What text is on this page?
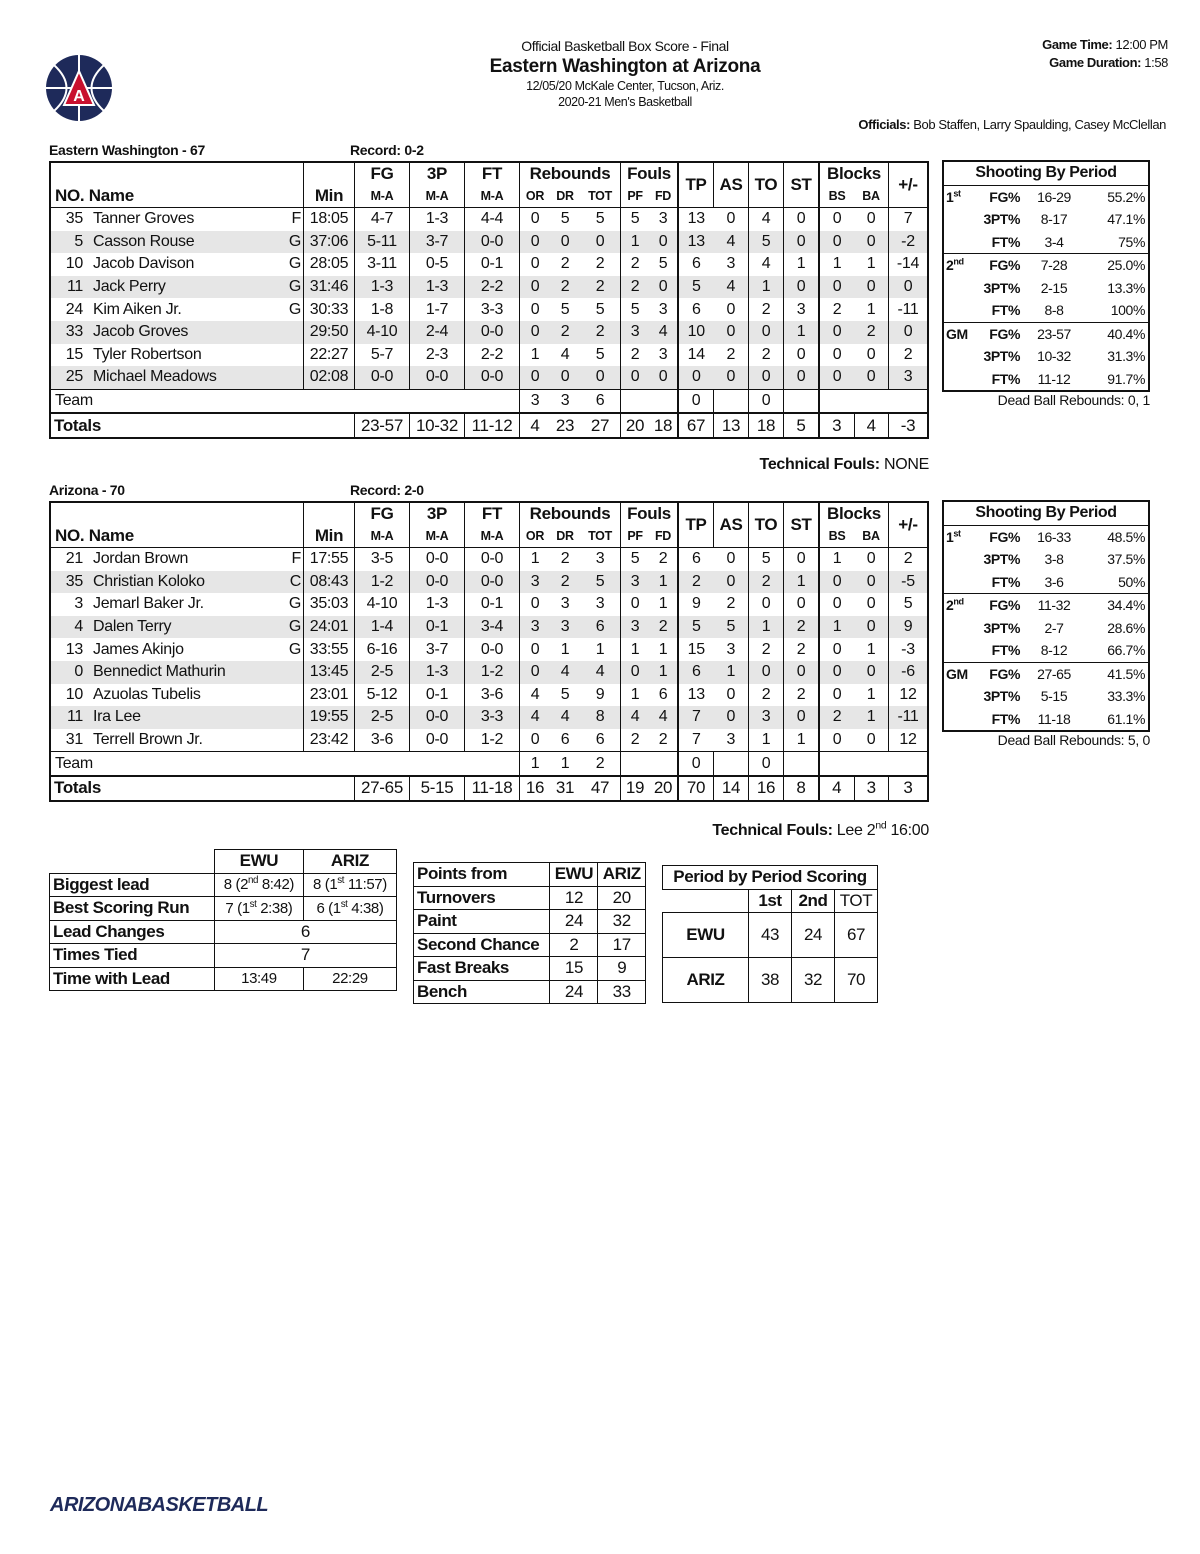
A
Official Basketball Box Score - Final
Eastern Washington at Arizona
12/05/20 McKale Center, Tucson, Ariz.
2020-21 Men's Basketball
Game Time: 12:00 PM
Game Duration: 1:58
Officials: Bob Staffen, Larry Spaulding, Casey McClellan
Eastern Washington - 67	Record: 0-2
				FG	3P	FT	Rebounds			Fouls		TP	AS	TO	ST	Blocks		+/-
NO. Name			Min	M-A	M-A	M-A	OR	DR	TOT	PF	FD					BS	BA	
35	Tanner Groves	F	18:05	4-7	1-3	4-4	0	5	5	5	3	13	0	4	0	0	0	7
5	Casson Rouse	G	37:06	5-11	3-7	0-0	0	0	0	1	0	13	4	5	0	0	0	-2
10	Jacob Davison	G	28:05	3-11	0-5	0-1	0	2	2	2	5	6	3	4	1	1	1	-14
11	Jack Perry	G	31:46	1-3	1-3	2-2	0	2	2	2	0	5	4	1	0	0	0	0
24	Kim Aiken Jr.	G	30:33	1-8	1-7	3-3	0	5	5	5	3	6	0	2	3	2	1	-11
33	Jacob Groves		29:50	4-10	2-4	0-0	0	2	2	3	4	10	0	0	1	0	2	0
15	Tyler Robertson		22:27	5-7	2-3	2-2	1	4	5	2	3	14	2	2	0	0	0	2
25	Michael Meadows		02:08	0-0	0-0	0-0	0	0	0	0	0	0	0	0	0	0	0	3
Team							3	3	6			0		0				
Totals				23-57	10-32	11-12	4	23	27	20	18	67	13	18	5	3	4	-3
Technical Fouls: NONE
Shooting By Period			
1st	FG%	16-29	55.2%
	3PT%	8-17	47.1%
	FT%	3-4	75%
2nd	FG%	7-28	25.0%
	3PT%	2-15	13.3%
	FT%	8-8	100%
GM	FG%	23-57	40.4%
	3PT%	10-32	31.3%
	FT%	11-12	91.7%
Dead Ball Rebounds: 0, 1
Arizona - 70	Record: 2-0
				FG	3P	FT	Rebounds			Fouls		TP	AS	TO	ST	Blocks		+/-
NO. Name			Min	M-A	M-A	M-A	OR	DR	TOT	PF	FD					BS	BA	
21	Jordan Brown	F	17:55	3-5	0-0	0-0	1	2	3	5	2	6	0	5	0	1	0	2
35	Christian Koloko	C	08:43	1-2	0-0	0-0	3	2	5	3	1	2	0	2	1	0	0	-5
3	Jemarl Baker Jr.	G	35:03	4-10	1-3	0-1	0	3	3	0	1	9	2	0	0	0	0	5
4	Dalen Terry	G	24:01	1-4	0-1	3-4	3	3	6	3	2	5	5	1	2	1	0	9
13	James Akinjo	G	33:55	6-16	3-7	0-0	0	1	1	1	1	15	3	2	2	0	1	-3
0	Bennedict Mathurin		13:45	2-5	1-3	1-2	0	4	4	0	1	6	1	0	0	0	0	-6
10	Azuolas Tubelis		23:01	5-12	0-1	3-6	4	5	9	1	6	13	0	2	2	0	1	12
11	Ira Lee		19:55	2-5	0-0	3-3	4	4	8	4	4	7	0	3	0	2	1	-11
31	Terrell Brown Jr.		23:42	3-6	0-0	1-2	0	6	6	2	2	7	3	1	1	0	0	12
Team							1	1	2			0		0				
Totals				27-65	5-15	11-18	16	31	47	19	20	70	14	16	8	4	3	3
Technical Fouls: Lee 2nd 16:00
Shooting By Period			
1st	FG%	16-33	48.5%
	3PT%	3-8	37.5%
	FT%	3-6	50%
2nd	FG%	11-32	34.4%
	3PT%	2-7	28.6%
	FT%	8-12	66.7%
GM	FG%	27-65	41.5%
	3PT%	5-15	33.3%
	FT%	11-18	61.1%
Dead Ball Rebounds: 5, 0
	EWU	ARIZ
Biggest lead	8 (2nd 8:42)	8 (1st 11:57)
Best Scoring Run	7 (1st 2:38)	6 (1st 4:38)
Lead Changes	6	
Times Tied	7	
Time with Lead	13:49	22:29
Points from	EWU	ARIZ
Turnovers	12	20
Paint	24	32
Second Chance	2	17
Fast Breaks	15	9
Bench	24	33
Period by Period Scoring			
	1st	2nd	TOT
EWU	43	24	67
ARIZ	38	32	70
ARIZONABASKETBALL
